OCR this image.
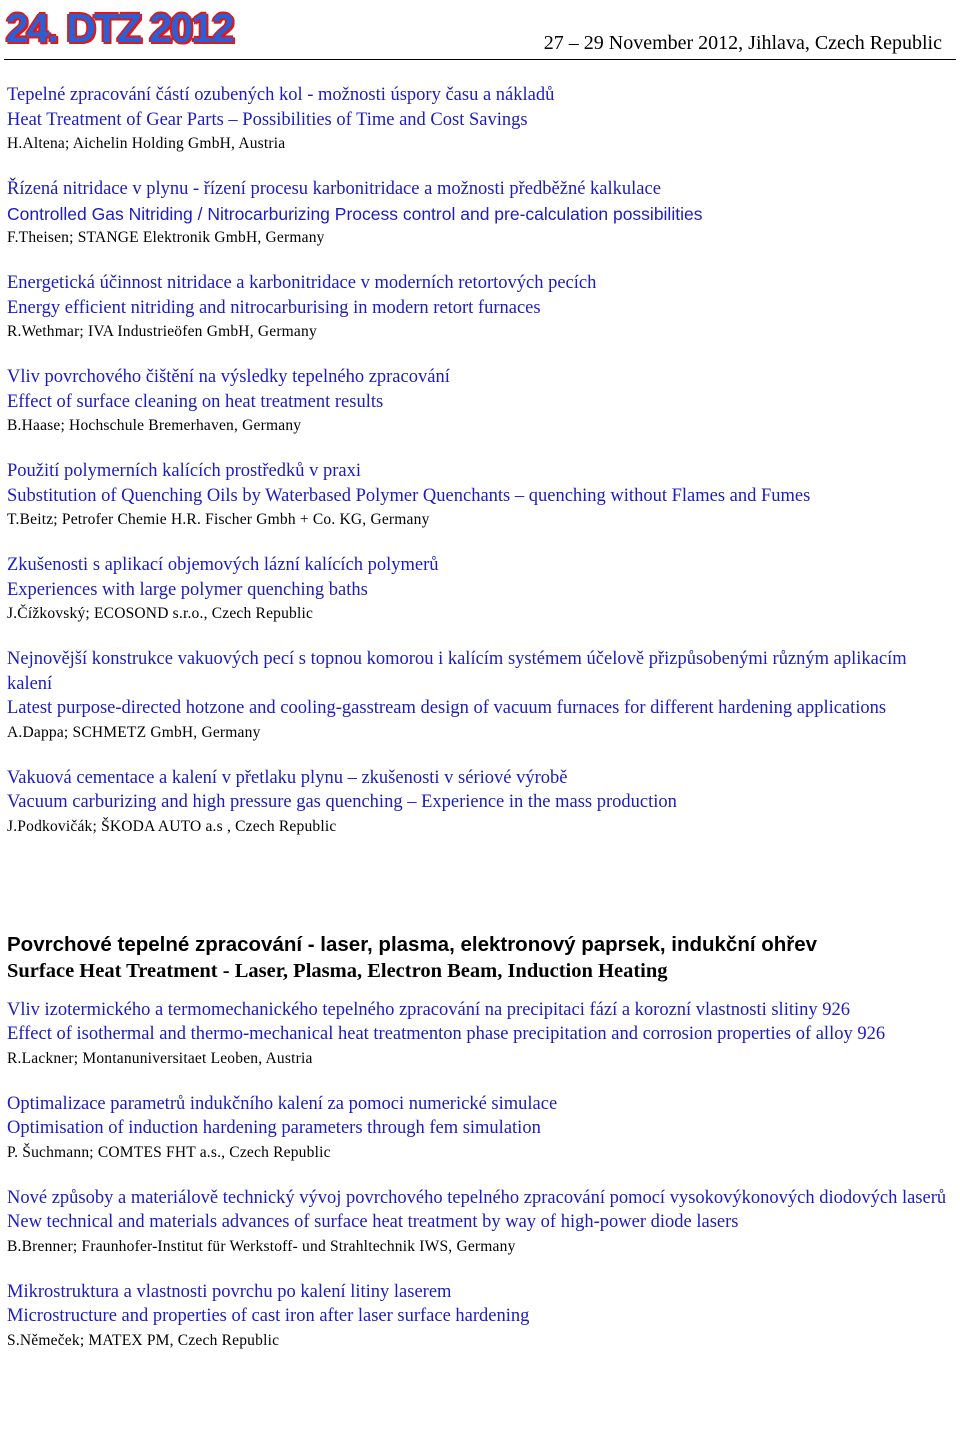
24. DTZ 2012	27 – 29 November 2012, Jihlava, Czech Republic
Tepelné zpracování částí ozubených kol - možnosti úspory času a nákladů
Heat Treatment of Gear Parts – Possibilities of Time and Cost Savings
H.Altena; Aichelin Holding GmbH, Austria
Řízená nitridace v plynu - řízení procesu karbonitridace a možnosti předběžné kalkulace
Controlled Gas Nitriding / Nitrocarburizing Process control and pre-calculation possibilities
F.Theisen; STANGE Elektronik GmbH, Germany
Energetická účinnost nitridace a karbonitridace v moderních retortových pecích
Energy efficient nitriding and nitrocarburising in modern retort furnaces
R.Wethmar; IVA Industrieöfen GmbH, Germany
Vliv povrchového čištění na výsledky tepelného zpracování
Effect of surface cleaning on heat treatment results
B.Haase; Hochschule Bremerhaven, Germany
Použití polymerních kalících prostředků v praxi
Substitution of Quenching Oils by Waterbased Polymer Quenchants – quenching without Flames and Fumes
T.Beitz; Petrofer Chemie H.R. Fischer Gmbh + Co. KG, Germany
Zkušenosti s aplikací objemových lázní kalících polymerů
Experiences with large polymer quenching baths
J.Čížkovský; ECOSOND s.r.o., Czech Republic
Nejnovější konstrukce vakuových pecí s topnou komorou i kalícím systémem účelově přizpůsobenými různým aplikacím kalení
Latest purpose-directed hotzone and cooling-gasstream design of vacuum furnaces for different hardening applications
A.Dappa; SCHMETZ GmbH, Germany
Vakuová cementace a kalení v přetlaku plynu – zkušenosti v sériové výrobě
Vacuum carburizing and high pressure gas quenching – Experience in the mass production
J.Podkovičák; ŠKODA AUTO a.s , Czech Republic
Povrchové tepelné zpracování - laser, plasma, elektronový paprsek, indukční ohřev
Surface Heat Treatment - Laser, Plasma, Electron Beam, Induction Heating
Vliv izotermického a termomechanického tepelného zpracování na precipitaci fází a korozní vlastnosti slitiny 926
Effect of isothermal and thermo-mechanical heat treatmenton phase precipitation and corrosion properties of alloy 926
R.Lackner; Montanuniversitaet Leoben, Austria
Optimalizace parametrů indukčního kalení za pomoci numerické simulace
Optimisation of induction hardening parameters through fem simulation
P. Šuchmann; COMTES FHT a.s., Czech Republic
Nové způsoby a materiálově technický vývoj povrchového tepelného zpracování pomocí vysokovýkonových diodových laserů
New technical and materials advances of surface heat treatment by way of high-power diode lasers
B.Brenner; Fraunhofer-Institut für Werkstoff- und Strahltechnik IWS, Germany
Mikrostruktura a vlastnosti povrchu po kalení litiny laserem
Microstructure and properties of cast iron after laser surface hardening
S.Němeček; MATEX PM, Czech Republic
